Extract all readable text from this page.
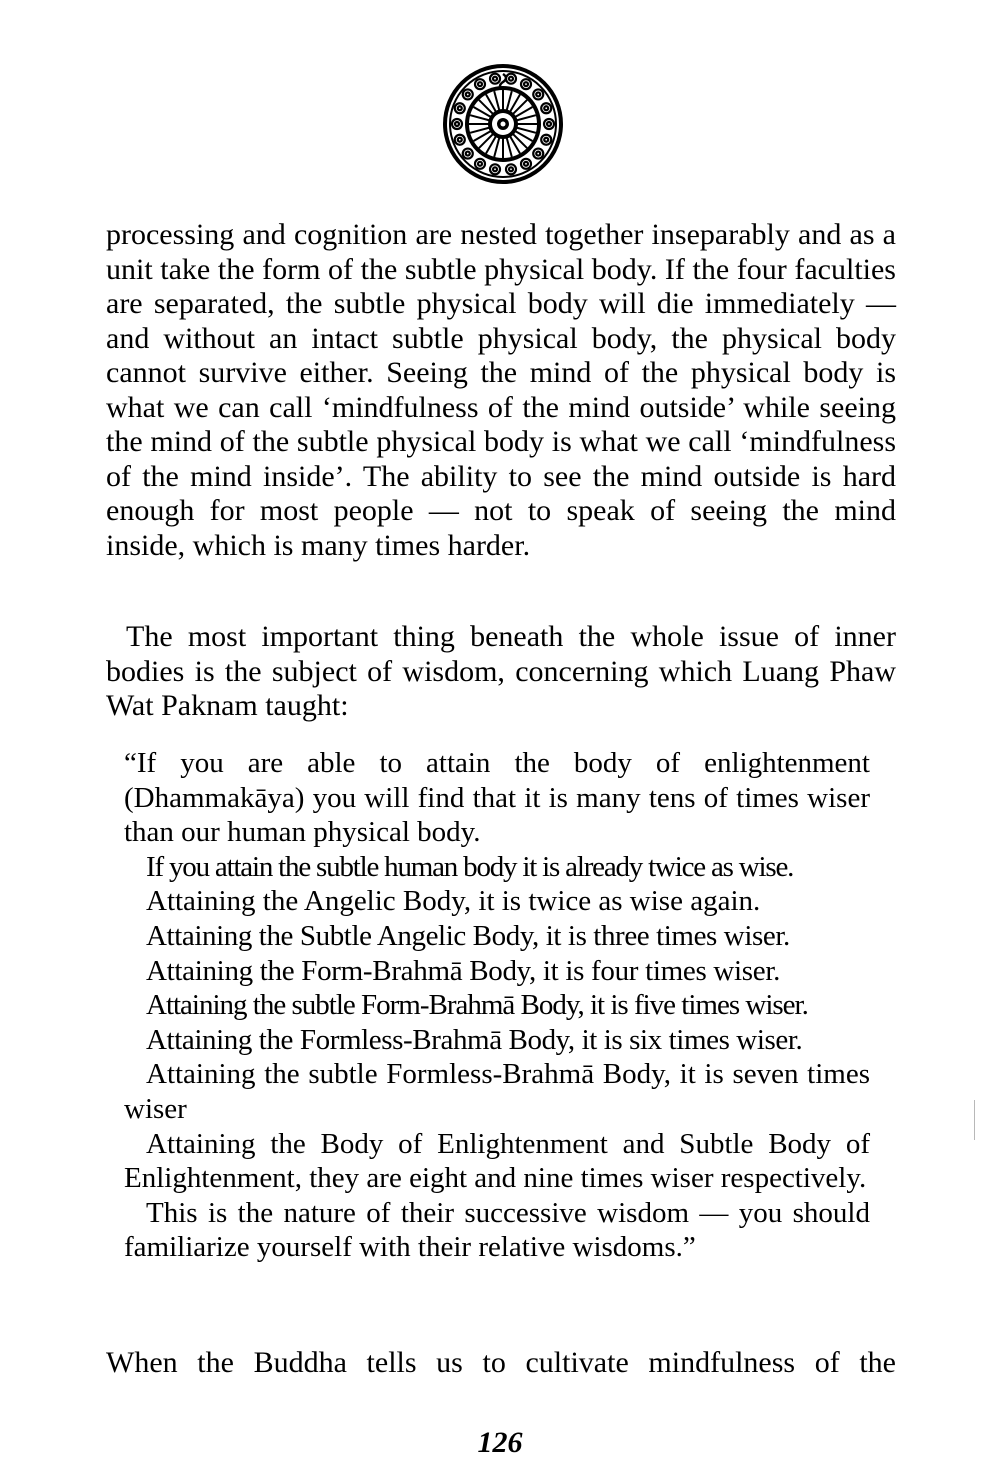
processing and cognition are nested together inseparably and as a unit take the form of the subtle physical body. If the four faculties are separated, the subtle physical body will die immediately — and without an intact subtle physical body, the physical body cannot survive either. Seeing the mind of the physical body is what we can call ‘mindfulness of the mind outside’ while seeing the mind of the subtle physical body is what we call ‘mindfulness of the mind inside’. The ability to see the mind outside is hard enough for most people — not to speak of seeing the mind inside, which is many times harder.

The most important thing beneath the whole issue of inner bodies is the subject of wisdom, concerning which Luang Phaw Wat Paknam taught:

“If you are able to attain the body of enlightenment (Dhammakāya) you will find that it is many tens of times wiser than our human physical body.

If you attain the subtle human body it is already twice as wise.

Attaining the Angelic Body, it is twice as wise again.

Attaining the Subtle Angelic Body, it is three times wiser.

Attaining the Form-Brahmā Body, it is four times wiser.

Attaining the subtle Form-Brahmā Body, it is five times wiser.

Attaining the Formless-Brahmā Body, it is six times wiser.

Attaining the subtle Formless-Brahmā Body, it is seven times wiser

Attaining the Body of Enlightenment and Subtle Body of Enlightenment, they are eight and nine times wiser respectively.

This is the nature of their successive wisdom — you should familiarize yourself with their relative wisdoms.”

When the Buddha tells us to cultivate mindfulness of the

126
